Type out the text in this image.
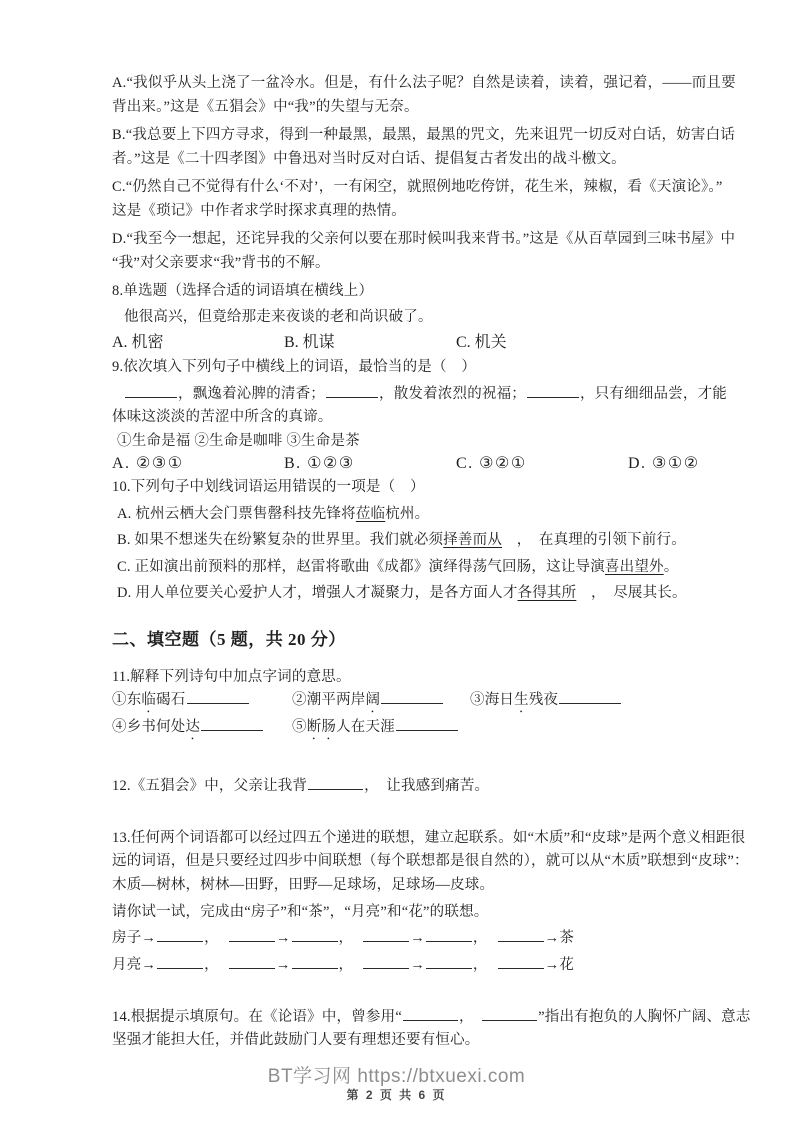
A.“我似乎从头上浇了一盆冷水。但是，有什么法子呢？自然是读着，读着，强记着，——而且要

背出来。”这是《五猖会》中“我”的失望与无奈。

B.“我总要上下四方寻求，得到一种最黑，最黑，最黑的咒文，先来诅咒一切反对白话，妨害白话

者。”这是《二十四孝图》中鲁迅对当时反对白话、提倡复古者发出的战斗檄文。

C.“仍然自己不觉得有什么‘不对’，一有闲空，就照例地吃侉饼，花生米，辣椒，看《天演论》。”

这是《琐记》中作者求学时探求真理的热情。

D.“我至今一想起，还诧异我的父亲何以要在那时候叫我来背书。”这是《从百草园到三味书屋》中

“我”对父亲要求“我”背书的不解。

8.单选题（选择合适的词语填在横线上）

他很高兴，但竟给那走来夜谈的老和尚识破了。

A. 机密	B. 机谋	C. 机关

9.依次填入下列句子中横线上的词语，最恰当的是（　）

，飘逸着沁脾的清香；	，散发着浓烈的祝福；	，只有细细品尝，才能

体味这淡淡的苦涩中所含的真谛。

①生命是福 ②生命是咖啡 ③生命是茶

A. ②③①	B. ①②③	C. ③②①	D. ③①②

10.下列句子中划线词语运用错误的一项是（　）

A. 杭州云栖大会门票售罄科技先锋将莅临杭州。

B. 如果不想迷失在纷繁复杂的世界里。我们就必须择善而从　，　在真理的引领下前行。

C. 正如演出前预料的那样，赵雷将歌曲《成都》演绎得荡气回肠，这让导演喜出望外。

D. 用人单位要关心爱护人才，增强人才凝聚力，是各方面人才各得其所　，　尽展其长。

二、填空题（5 题，共 20 分）

11.解释下列诗句中加点字词的意思。

①东临碣石	②潮平两岸阔	③海日生残夜
④乡书何处达	⑤断肠人在天涯

12.《五猖会》中，父亲让我背	，　让我感到痛苦。

13.任何两个词语都可以经过四五个递进的联想，建立起联系。如“木质”和“皮球”是两个意义相距很

远的词语，但是只要经过四步中间联想（每个联想都是很自然的），就可以从“木质”联想到“皮球”：

木质—树林，树林—田野，田野—足球场，足球场—皮球。

请你试一试，完成由“房子”和“茶”，“月亮”和“花”的联想。

房子→	，	→	，	→	，	→茶

月亮→	，	→	，	→	，	→花

14.根据提示填原句。在《论语》中，曾参用“	，　	”指出有抱负的人胸怀广阔、意志

坚强才能担大任，并借此鼓励门人要有理想还要有恒心。

BT学习网 https://btxuexi.com

第 2 页 共 6 页
